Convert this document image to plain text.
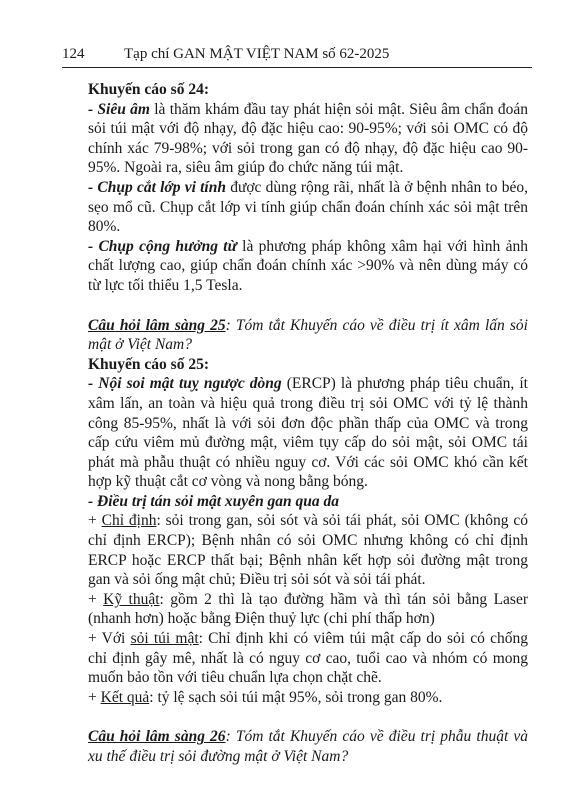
124	Tạp chí GAN MẬT VIỆT NAM số 62-2025

Khuyến cáo số 24:

- Siêu âm là thăm khám đầu tay phát hiện sỏi mật. Siêu âm chẩn đoán sỏi túi mật với độ nhạy, độ đặc hiệu cao: 90-95%; với sỏi OMC có độ chính xác 79-98%; với sỏi trong gan có độ nhạy, độ đặc hiệu cao 90-95%. Ngoài ra, siêu âm giúp đo chức năng túi mật.

- Chụp cắt lớp vi tính được dùng rộng rãi, nhất là ở bệnh nhân to béo, sẹo mổ cũ. Chụp cắt lớp vi tính giúp chẩn đoán chính xác sỏi mật trên 80%.

- Chụp cộng hưởng từ là phương pháp không xâm hại với hình ảnh chất lượng cao, giúp chẩn đoán chính xác >90% và nên dùng máy có từ lực tối thiểu 1,5 Tesla.

Câu hỏi lâm sàng 25: Tóm tắt Khuyến cáo về điều trị ít xâm lấn sỏi mật ở Việt Nam?

Khuyến cáo số 25:

- Nội soi mật tuỵ ngược dòng (ERCP) là phương pháp tiêu chuẩn, ít xâm lấn, an toàn và hiệu quả trong điều trị sỏi OMC với tỷ lệ thành công 85-95%, nhất là với sỏi đơn độc phần thấp của OMC và trong cấp cứu viêm mủ đường mật, viêm tụy cấp do sỏi mật, sỏi OMC tái phát mà phẫu thuật có nhiều nguy cơ. Với các sỏi OMC khó cần kết hợp kỹ thuật cắt cơ vòng và nong bằng bóng.

- Điều trị tán sỏi mật xuyên gan qua da

+ Chỉ định: sỏi trong gan, sỏi sót và sỏi tái phát, sỏi OMC (không có chỉ định ERCP); Bệnh nhân có sỏi OMC nhưng không có chỉ định ERCP hoặc ERCP thất bại; Bệnh nhân kết hợp sỏi đường mật trong gan và sỏi ống mật chủ; Điều trị sỏi sót và sỏi tái phát.

+ Kỹ thuật: gồm 2 thì là tạo đường hầm và thì tán sỏi bằng Laser (nhanh hơn) hoặc bằng Điện thuỷ lực (chi phí thấp hơn)

+ Với sỏi túi mật: Chỉ định khi có viêm túi mật cấp do sỏi có chống chỉ định gây mê, nhất là có nguy cơ cao, tuổi cao và nhóm có mong muốn bảo tồn với tiêu chuẩn lựa chọn chặt chẽ.

+ Kết quả: tỷ lệ sạch sỏi túi mật 95%, sỏi trong gan 80%.

Câu hỏi lâm sàng 26: Tóm tắt Khuyến cáo về điều trị phẫu thuật và xu thế điều trị sỏi đường mật ở Việt Nam?
